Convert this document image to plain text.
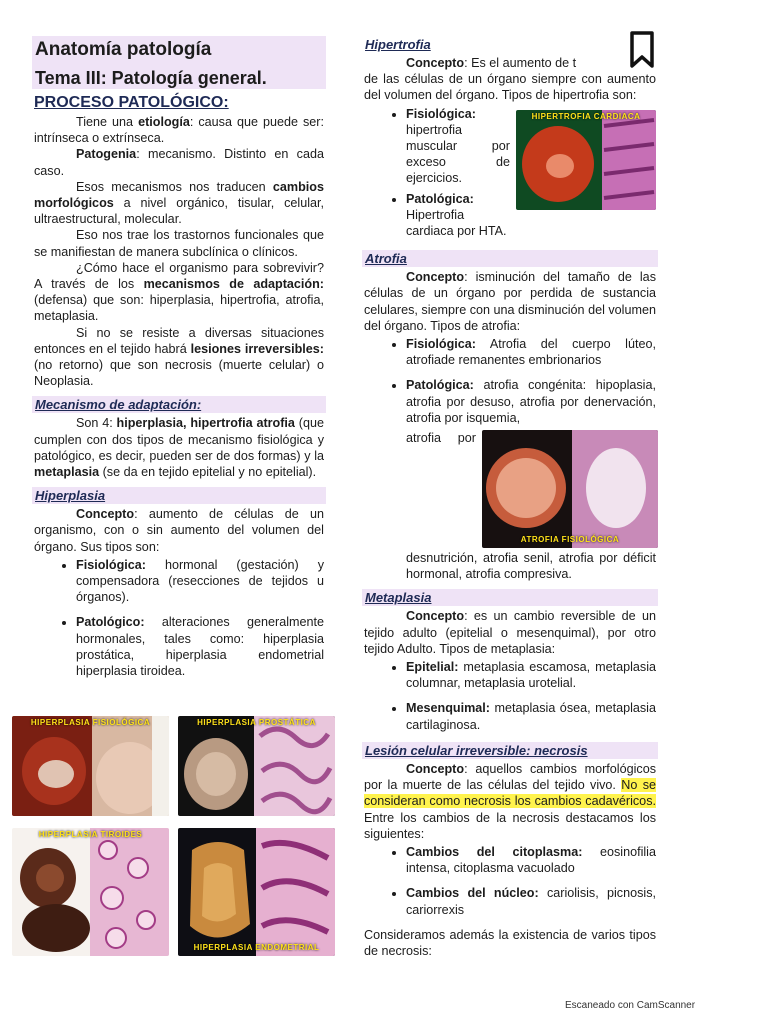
Anatomía patología
Tema III: Patología general.
PROCESO PATOLÓGICO:

Tiene una etiología: causa que puede ser: intrínseca o extrínseca.

Patogenia: mecanismo. Distinto en cada caso.

Esos mecanismos nos traducen cambios morfológicos a nivel orgánico, tisular, celular, ultraestructural, molecular.

Eso nos trae los trastornos funcionales que se manifiestan de manera subclínica o clínicos.

¿Cómo hace el organismo para sobrevivir? A través de los mecanismos de adaptación: (defensa) que son: hiperplasia, hipertrofia, atrofia, metaplasia.

Si no se resiste a diversas situaciones entonces en el tejido habrá lesiones irreversibles: (no retorno) que son necrosis (muerte celular) o Neoplasia.

Mecanismo de adaptación:

Son 4: hiperplasia, hipertrofia atrofia (que cumplen con dos tipos de mecanismo fisiológica y patológico, es decir, pueden ser de dos formas) y la metaplasia (se da en tejido epitelial y no epitelial).

Hiperplasia

Concepto: aumento de células de un organismo, con o sin aumento del volumen del órgano. Sus tipos son:

• Fisiológica: hormonal (gestación) y compensadora (resecciones de tejidos u órganos).
• Patológico: alteraciones generalmente hormonales, tales como: hiperplasia prostática, hiperplasia endometrial hiperplasia tiroidea.
HIPERPLASIA FISIOLÓGICA	HIPERPLASIA PROSTÁTICA
HIPERPLASIA TIROIDES
HIPERPLASIA ENDOMETRIAL
Hipertrofia

Concepto: Es el aumento de t
de las células de un órgano siempre con aumento del volumen del órgano. Tipos de hipertrofia son:

HIPERTROFIA CARDIACA
• Fisiológica: hipertrofia muscular por exceso de ejercicios.
• Patológica: Hipertrofia cardiaca por HTA.
Atrofia

Concepto: isminución del tamaño de las células de un órgano por perdida de sustancia celulares, siempre con una disminución del volumen del órgano. Tipos de atrofia:

• Fisiológica: Atrofia del cuerpo lúteo, atrofiade remanentes embrionarios
• Patológica: atrofia congénita: hipoplasia, atrofia por desuso, atrofia por denervación, atrofia por isquemia,
ATROFIA FISIOLÓGICA

atrofia por desnutrición, atrofia senil, atrofia por déficit hormonal, atrofia compresiva.

Metaplasia

Concepto: es un cambio reversible de un tejido adulto (epitelial o mesenquimal), por otro tejido Adulto. Tipos de metaplasia:

• Epitelial: metaplasia escamosa, metaplasia columnar, metaplasia urotelial.
• Mesenquimal: metaplasia ósea, metaplasia cartilaginosa.
Lesión celular irreversible: necrosis

Concepto: aquellos cambios morfológicos por la muerte de las células del tejido vivo. No se consideran como necrosis los cambios cadavéricos. Entre los cambios de la necrosis destacamos los siguientes:

• Cambios del citoplasma: eosinofilia intensa, citoplasma vacuolado
• Cambios del núcleo: cariolisis, picnosis, cariorrexis

Consideramos además la existencia de varios tipos de necrosis:

Escaneado con CamScanner
